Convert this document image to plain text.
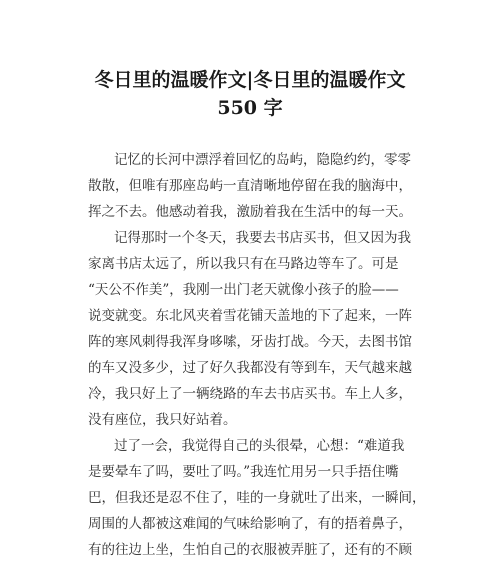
冬日里的温暖作文|冬日里的温暖作文
550 字
记忆的长河中漂浮着回忆的岛屿，隐隐约约，零零
散散，但唯有那座岛屿一直清晰地停留在我的脑海中，
挥之不去。他感动着我，激励着我在生活中的每一天。
记得那时一个冬天，我要去书店买书，但又因为我
家离书店太远了，所以我只有在马路边等车了。可是
“天公不作美”，我刚一出门老天就像小孩子的脸——
说变就变。东北风夹着雪花铺天盖地的下了起来，一阵
阵的寒风刺得我浑身哆嗦，牙齿打战。今天，去图书馆
的车又没多少，过了好久我都没有等到车，天气越来越
冷，我只好上了一辆绕路的车去书店买书。车上人多，
没有座位，我只好站着。
过了一会，我觉得自己的头很晕，心想：“难道我
是要晕车了吗，要吐了吗。”我连忙用另一只手捂住嘴
巴，但我还是忍不住了，哇的一身就吐了出来，一瞬间，
周围的人都被这难闻的气味给影响了，有的捂着鼻子，
有的往边上坐，生怕自己的衣服被弄脏了，还有的不顾
